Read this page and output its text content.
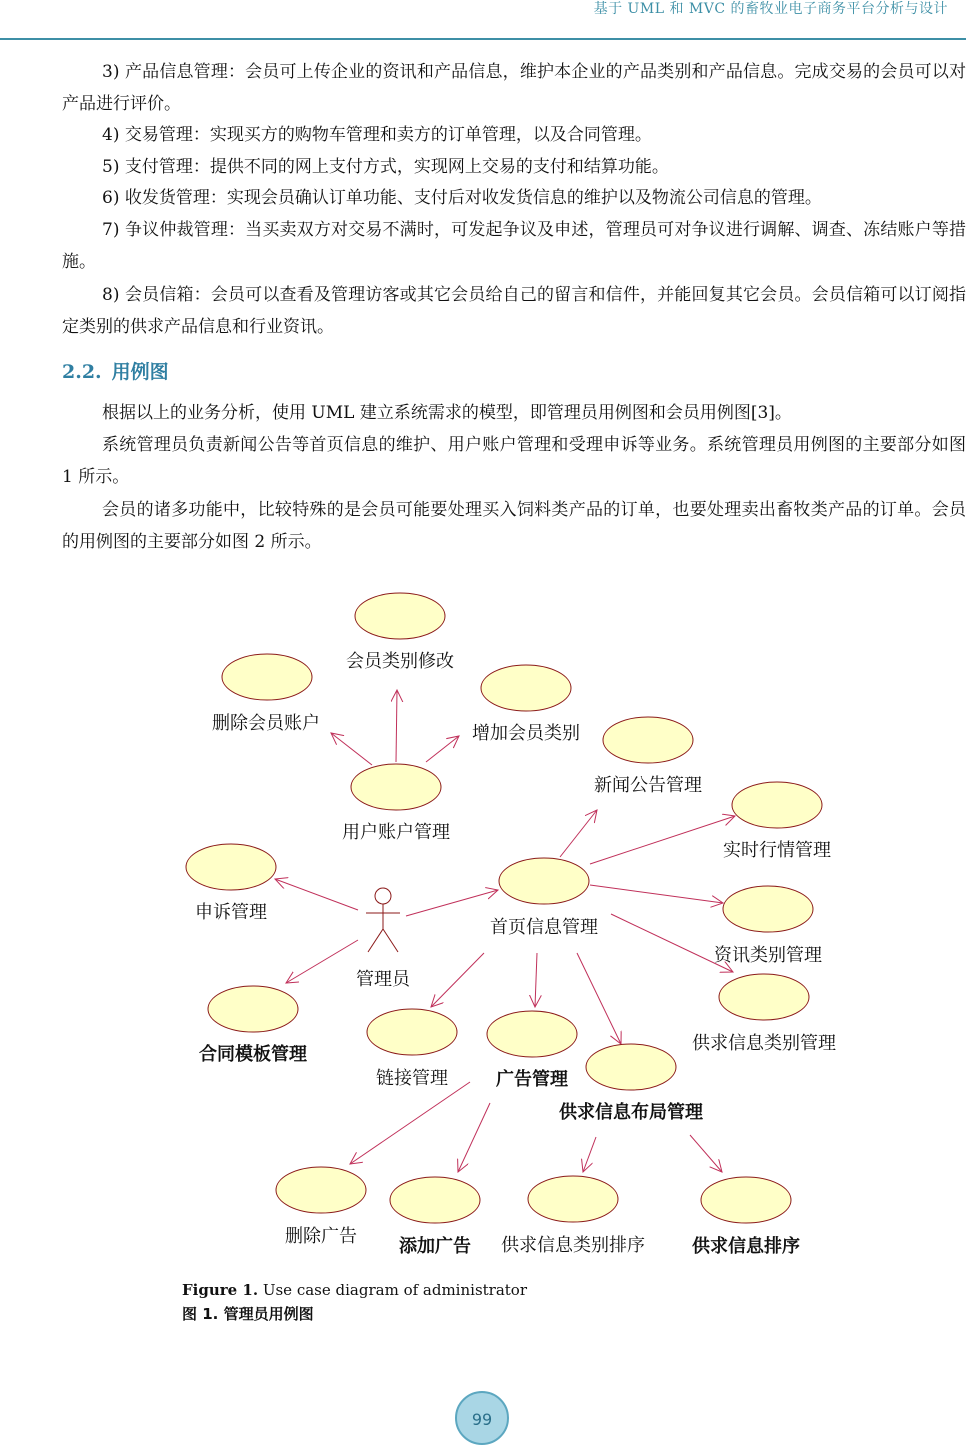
基于 UML 和 MVC 的畜牧业电子商务平台分析与设计

3) 产品信息管理：会员可上传企业的资讯和产品信息，维护本企业的产品类别和产品信息。完成交易的会员可以对产品进行评价。

4) 交易管理：实现买方的购物车管理和卖方的订单管理，以及合同管理。

5) 支付管理：提供不同的网上支付方式，实现网上交易的支付和结算功能。

6) 收发货管理：实现会员确认订单功能、支付后对收发货信息的维护以及物流公司信息的管理。

7) 争议仲裁管理：当买卖双方对交易不满时，可发起争议及申述，管理员可对争议进行调解、调查、冻结账户等措施。

8) 会员信箱：会员可以查看及管理访客或其它会员给自己的留言和信件，并能回复其它会员。会员信箱可以订阅指定类别的供求产品信息和行业资讯。

2.2. 用例图

根据以上的业务分析，使用 UML 建立系统需求的模型，即管理员用例图和会员用例图[3]。

系统管理员负责新闻公告等首页信息的维护、用户账户管理和受理申诉等业务。系统管理员用例图的主要部分如图 1 所示。

会员的诸多功能中，比较特殊的是会员可能要处理买入饲料类产品的订单，也要处理卖出畜牧类产品的订单。会员的用例图的主要部分如图 2 所示。

管理员
会员类别修改
删除会员账户	增加会员类别
新闻公告管理
用户账户管理
实时行情管理
申诉管理
首页信息管理
资讯类别管理
合同模板管理
供求信息类别管理
链接管理	广告管理
供求信息布局管理
删除广告 添加广告 供求信息类别排序	供求信息排序
Figure 1. Use case diagram of administrator
图 1. 管理员用例图
99
